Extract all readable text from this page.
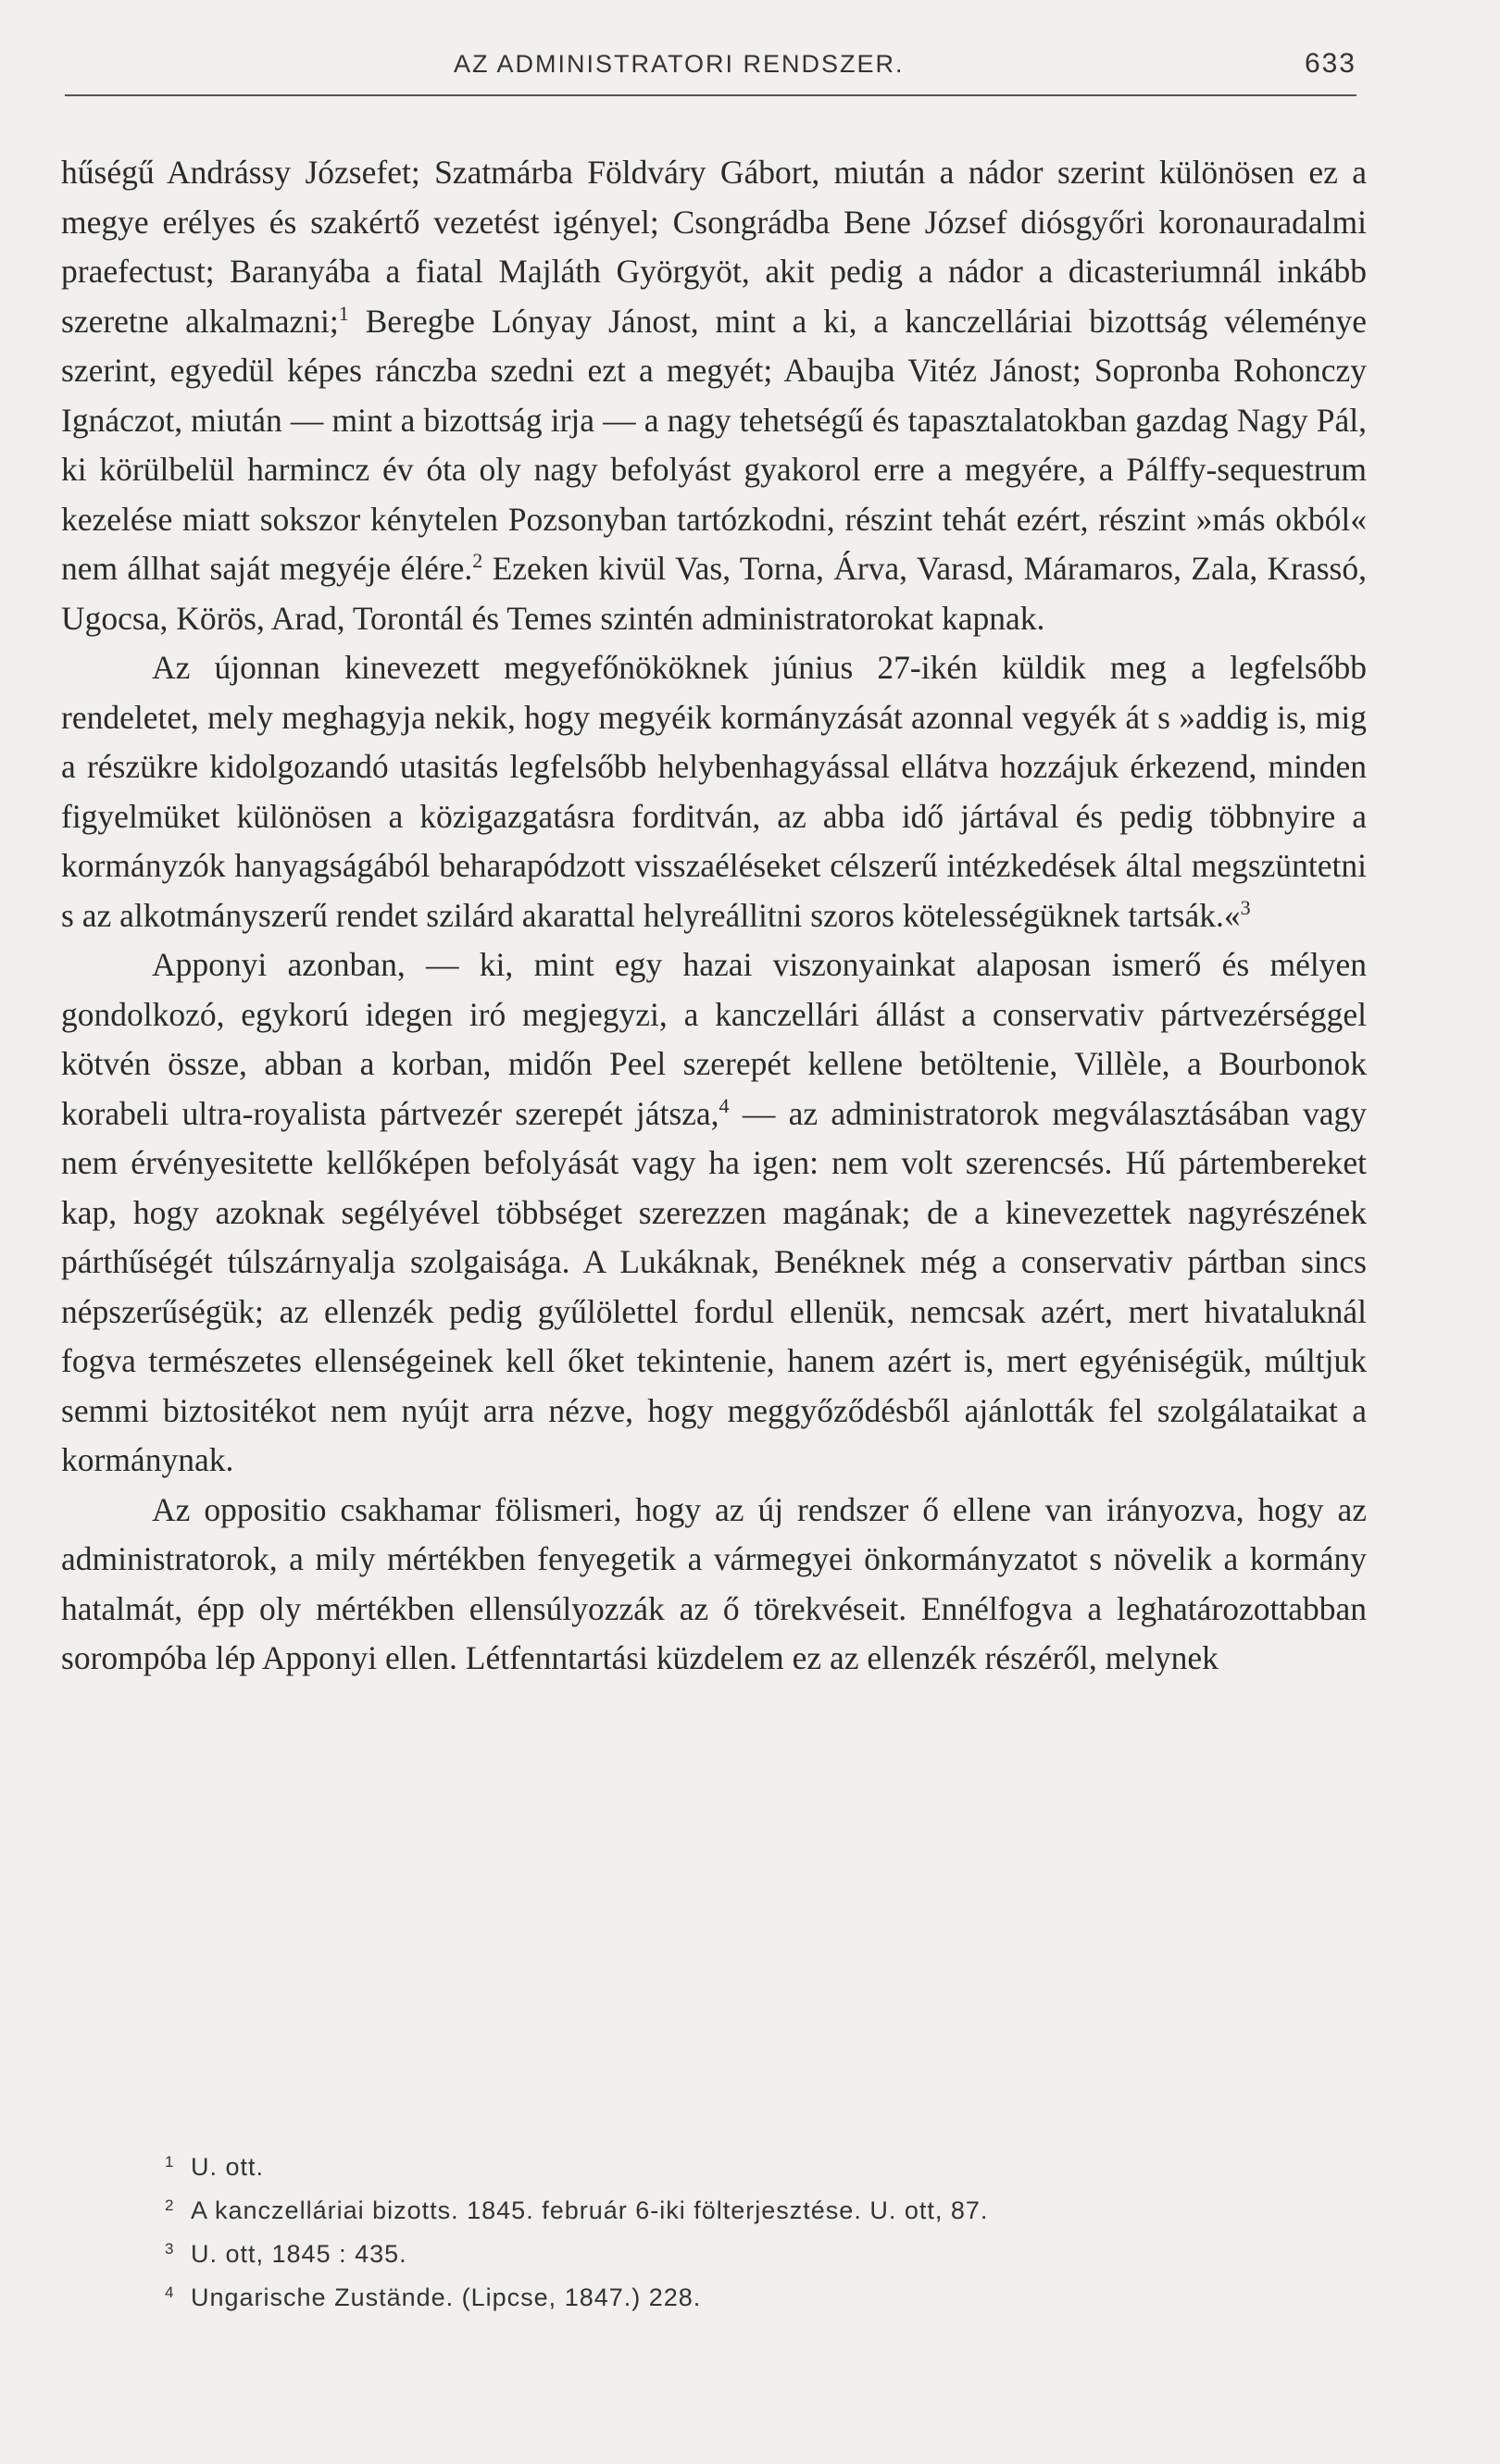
AZ ADMINISTRATORI RENDSZER.	633

hűségű Andrássy Józsefet; Szatmárba Földváry Gábort, miután a nádor szerint különösen ez a megye erélyes és szakértő vezetést igényel; Csongrádba Bene József diósgyőri koronauradalmi praefectust; Baranyába a fiatal Majláth Györgyöt, akit pedig a nádor a dicasteriumnál inkább szeretne alkalmazni;$^1$ Beregbe Lónyay Jánost, mint a ki, a kanczelláriai bizottság véleménye szerint, egyedül képes ránczba szedni ezt a megyét; Abaujba Vitéz Jánost; Sopronba Rohonczy Ignáczot, miután — mint a bizottság irja — a nagy tehetségű és tapasztalatokban gazdag Nagy Pál, ki körülbelül harmincz év óta oly nagy befolyást gyakorol erre a megyére, a Pálffy-sequestrum kezelése miatt sokszor kénytelen Pozsonyban tartózkodni, részint tehát ezért, részint »más okból« nem állhat saját megyéje élére.$^2$ Ezeken kivül Vas, Torna, Árva, Varasd, Máramaros, Zala, Krassó, Ugocsa, Körös, Arad, Torontál és Temes szintén administratorokat kapnak.

Az újonnan kinevezett megyefőnököknek június 27-ikén küldik meg a legfelsőbb rendeletet, mely meghagyja nekik, hogy megyéik kormányzását azonnal vegyék át s »addig is, mig a részükre kidolgozandó utasitás legfelsőbb helybenhagyással ellátva hozzájuk érkezend, minden figyelmüket különösen a közigazgatásra forditván, az abba idő jártával és pedig többnyire a kormányzók hanyagságából beharapódzott visszaéléseket célszerű intézkedések által megszüntetni s az alkotmányszerű rendet szilárd akarattal helyreállitni szoros kötelességüknek tartsák.«$^3$

Apponyi azonban, — ki, mint egy hazai viszonyainkat alaposan ismerő és mélyen gondolkozó, egykorú idegen iró megjegyzi, a kanczellári állást a conservativ pártvezérséggel kötvén össze, abban a korban, midőn Peel szerepét kellene betöltenie, Villèle, a Bourbonok korabeli ultra-royalista pártvezér szerepét játsza,$^4$ — az administratorok megválasztásában vagy nem érvényesitette kellőképen befolyását vagy ha igen: nem volt szerencsés. Hű pártembereket kap, hogy azoknak segélyével többséget szerezzen magának; de a kinevezettek nagyrészének párthűségét túlszárnyalja szolgaisága. A Lukáknak, Benéknek még a conservativ pártban sincs népszerűségük; az ellenzék pedig gyűlölettel fordul ellenük, nemcsak azért, mert hivataluknál fogva természetes ellenségeinek kell őket tekintenie, hanem azért is, mert egyéniségük, múltjuk semmi biztositékot nem nyújt arra nézve, hogy meggyőződésből ajánlották fel szolgálataikat a kormánynak.

Az oppositio csakhamar fölismeri, hogy az új rendszer ő ellene van irányozva, hogy az administratorok, a mily mértékben fenyegetik a vármegyei önkormányzatot s növelik a kormány hatalmát, épp oly mértékben ellensúlyozzák az ő törekvéseit. Ennélfogva a leghatározottabban sorompóba lép Apponyi ellen. Létfenntartási küzdelem ez az ellenzék részéről, melynek

1 U. ott.
2 A kanczelláriai bizotts. 1845. február 6-iki fölterjesztése. U. ott, 87.
3 U. ott, 1845 : 435.
4 Ungarische Zustände. (Lipcse, 1847.) 228.
